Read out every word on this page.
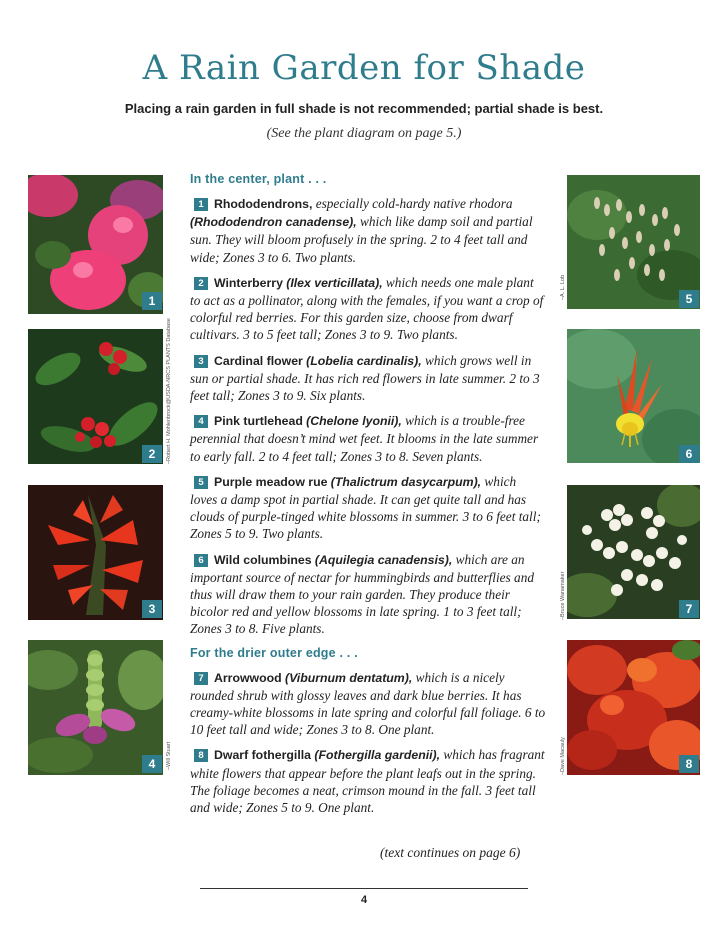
A Rain Garden for Shade
Placing a rain garden in full shade is not recommended; partial shade is best.
(See the plant diagram on page 5.)
1
2	–Robert H. Mohlenbrock@USDA-NRCS PLANTS Database
3
4	–Will Stuart
5
–A. L. Lob
6
7
–Bruce Wanamaker
8
–Dave Macauly
In the center, plant . . .

1 Rhododendrons, especially cold-hardy native rhodora (Rhododendron canadense), which like damp soil and partial sun. They will bloom profusely in the spring. 2 to 4 feet tall and wide; Zones 3 to 6. Two plants.

2 Winterberry (Ilex verticillata), which needs one male plant to act as a pollinator, along with the females, if you want a crop of colorful red berries. For this garden size, choose from dwarf cultivars. 3 to 5 feet tall; Zones 3 to 9. Two plants.

3 Cardinal flower (Lobelia cardinalis), which grows well in sun or partial shade. It has rich red flowers in late summer. 2 to 3 feet tall; Zones 3 to 9. Six plants.

4 Pink turtlehead (Chelone lyonii), which is a trouble-free perennial that doesn’t mind wet feet. It blooms in the late summer to early fall. 2 to 4 feet tall; Zones 3 to 8. Seven plants.

5 Purple meadow rue (Thalictrum dasycarpum), which loves a damp spot in partial shade. It can get quite tall and has clouds of purple-tinged white blossoms in summer. 3 to 6 feet tall; Zones 5 to 9. Two plants.

6 Wild columbines (Aquilegia canadensis), which are an important source of nectar for hummingbirds and butterflies and thus will draw them to your rain garden. They produce their bicolor red and yellow blossoms in late spring. 1 to 3 feet tall; Zones 3 to 8. Five plants.

For the drier outer edge . . .

7 Arrowwood (Viburnum dentatum), which is a nicely rounded shrub with glossy leaves and dark blue berries. It has creamy-white blossoms in late spring and colorful fall foliage. 6 to 10 feet tall and wide; Zones 3 to 8. One plant.

8 Dwarf fothergilla (Fothergilla gardenii), which has fragrant white flowers that appear before the plant leafs out in the spring. The foliage becomes a neat, crimson mound in the fall. 3 feet tall and wide; Zones 5 to 9. One plant.

(text continues on page 6)
4
